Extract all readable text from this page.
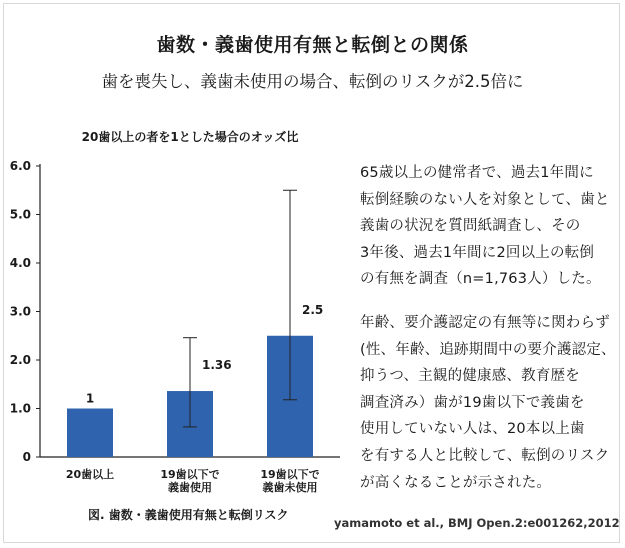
歯数・義歯使用有無と転倒との関係
歯を喪失し、義歯未使用の場合、転倒のリスクが2.5倍に
20歯以上の者を1とした場合のオッズ比
0
1.0
2.0
3.0
4.0
5.0
6.0
1
20歯以上
1.36
19歯以下で
義歯使用
2.5
19歯以下で
義歯未使用
図. 歯数・義歯使用有無と転倒リスク
yamamoto et al., BMJ Open.2:e001262,2012
65歳以上の健常者で、過去1年間に
転倒経験のない人を対象として、歯と
義歯の状況を質問紙調査し、その
3年後、過去1年間に2回以上の転倒
の有無を調査（n=1,763人）した。
年齢、要介護認定の有無等に関わらず
(性、年齢、追跡期間中の要介護認定、
抑うつ、主観的健康感、教育歴を
調査済み）歯が19歯以下で義歯を
使用していない人は、20本以上歯
を有する人と比較して、転倒のリスク
が高くなることが示された。
